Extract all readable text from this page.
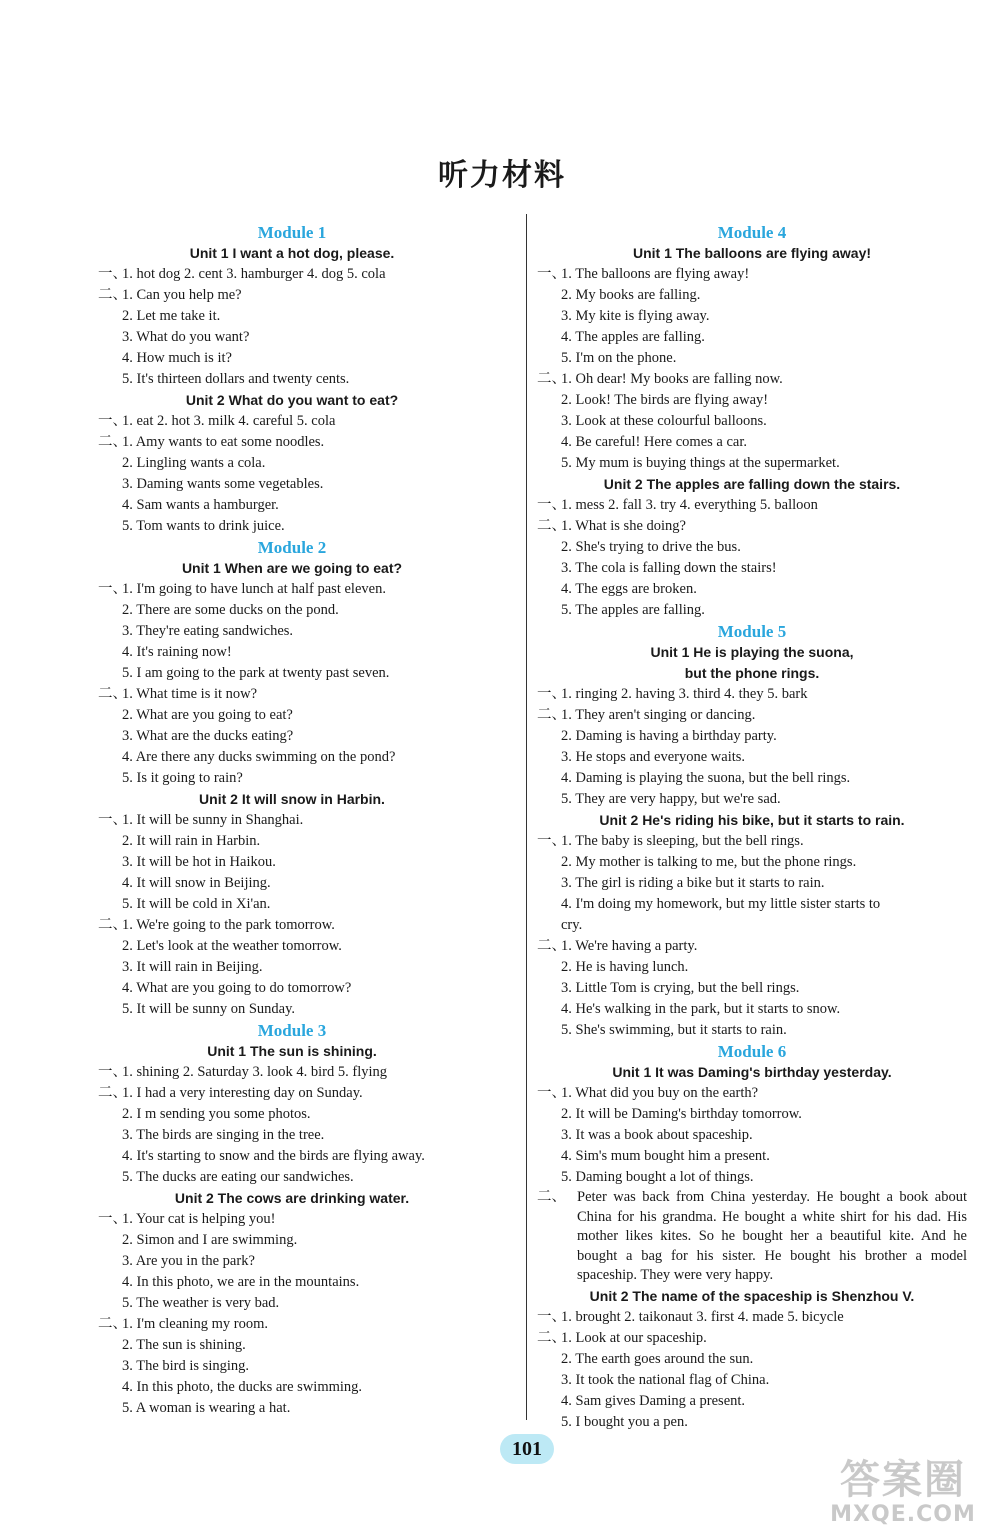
听力材料
Module 1
Unit 1 I want a hot dog, please.
一、1. hot dog 2. cent 3. hamburger 4. dog 5. cola
二、1. Can you help me?
2. Let me take it.
3. What do you want?
4. How much is it?
5. It's thirteen dollars and twenty cents.
Unit 2 What do you want to eat?
一、1. eat 2. hot 3. milk 4. careful 5. cola
二、1. Amy wants to eat some noodles.
2. Lingling wants a cola.
3. Daming wants some vegetables.
4. Sam wants a hamburger.
5. Tom wants to drink juice.
Module 2
Unit 1 When are we going to eat?
一、1. I'm going to have lunch at half past eleven.
2. There are some ducks on the pond.
3. They're eating sandwiches.
4. It's raining now!
5. I am going to the park at twenty past seven.
二、1. What time is it now?
2. What are you going to eat?
3. What are the ducks eating?
4. Are there any ducks swimming on the pond?
5. Is it going to rain?
Unit 2 It will snow in Harbin.
一、1. It will be sunny in Shanghai.
2. It will rain in Harbin.
3. It will be hot in Haikou.
4. It will snow in Beijing.
5. It will be cold in Xi'an.
二、1. We're going to the park tomorrow.
2. Let's look at the weather tomorrow.
3. It will rain in Beijing.
4. What are you going to do tomorrow?
5. It will be sunny on Sunday.
Module 3
Unit 1 The sun is shining.
一、1. shining 2. Saturday 3. look 4. bird 5. flying
二、1. I had a very interesting day on Sunday.
2. I m sending you some photos.
3. The birds are singing in the tree.
4. It's starting to snow and the birds are flying away.
5. The ducks are eating our sandwiches.
Unit 2 The cows are drinking water.
一、1. Your cat is helping you!
2. Simon and I are swimming.
3. Are you in the park?
4. In this photo, we are in the mountains.
5. The weather is very bad.
二、1. I'm cleaning my room.
2. The sun is shining.
3. The bird is singing.
4. In this photo, the ducks are swimming.
5. A woman is wearing a hat.
Module 4
Unit 1 The balloons are flying away!
一、1. The balloons are flying away!
2. My books are falling.
3. My kite is flying away.
4. The apples are falling.
5. I'm on the phone.
二、1. Oh dear! My books are falling now.
2. Look! The birds are flying away!
3. Look at these colourful balloons.
4. Be careful! Here comes a car.
5. My mum is buying things at the supermarket.
Unit 2 The apples are falling down the stairs.
一、1. mess 2. fall 3. try 4. everything 5. balloon
二、1. What is she doing?
2. She's trying to drive the bus.
3. The cola is falling down the stairs!
4. The eggs are broken.
5. The apples are falling.
Module 5
Unit 1 He is playing the suona,
but the phone rings.
一、1. ringing 2. having 3. third 4. they 5. bark
二、1. They aren't singing or dancing.
2. Daming is having a birthday party.
3. He stops and everyone waits.
4. Daming is playing the suona, but the bell rings.
5. They are very happy, but we're sad.
Unit 2 He's riding his bike, but it starts to rain.
一、1. The baby is sleeping, but the bell rings.
2. My mother is talking to me, but the phone rings.
3. The girl is riding a bike but it starts to rain.
4. I'm doing my homework, but my little sister starts to
cry.
二、1. We're having a party.
2. He is having lunch.
3. Little Tom is crying, but the bell rings.
4. He's walking in the park, but it starts to snow.
5. She's swimming, but it starts to rain.
Module 6
Unit 1 It was Daming's birthday yesterday.
一、1. What did you buy on the earth?
2. It will be Daming's birthday tomorrow.
3. It was a book about spaceship.
4. Sim's mum bought him a present.
5. Daming bought a lot of things.
二、 Peter was back from China yesterday. He bought a book about China for his grandma. He bought a white shirt for his dad. His mother likes kites. So he bought her a beautiful kite. And he bought a bag for his sister. He bought his brother a model spaceship. They were very happy.
Unit 2 The name of the spaceship is Shenzhou V.
一、1. brought 2. taikonaut 3. first 4. made 5. bicycle
二、1. Look at our spaceship.
2. The earth goes around the sun.
3. It took the national flag of China.
4. Sam gives Daming a present.
5. I bought you a pen.
101
答案圈
MXQE.COM
